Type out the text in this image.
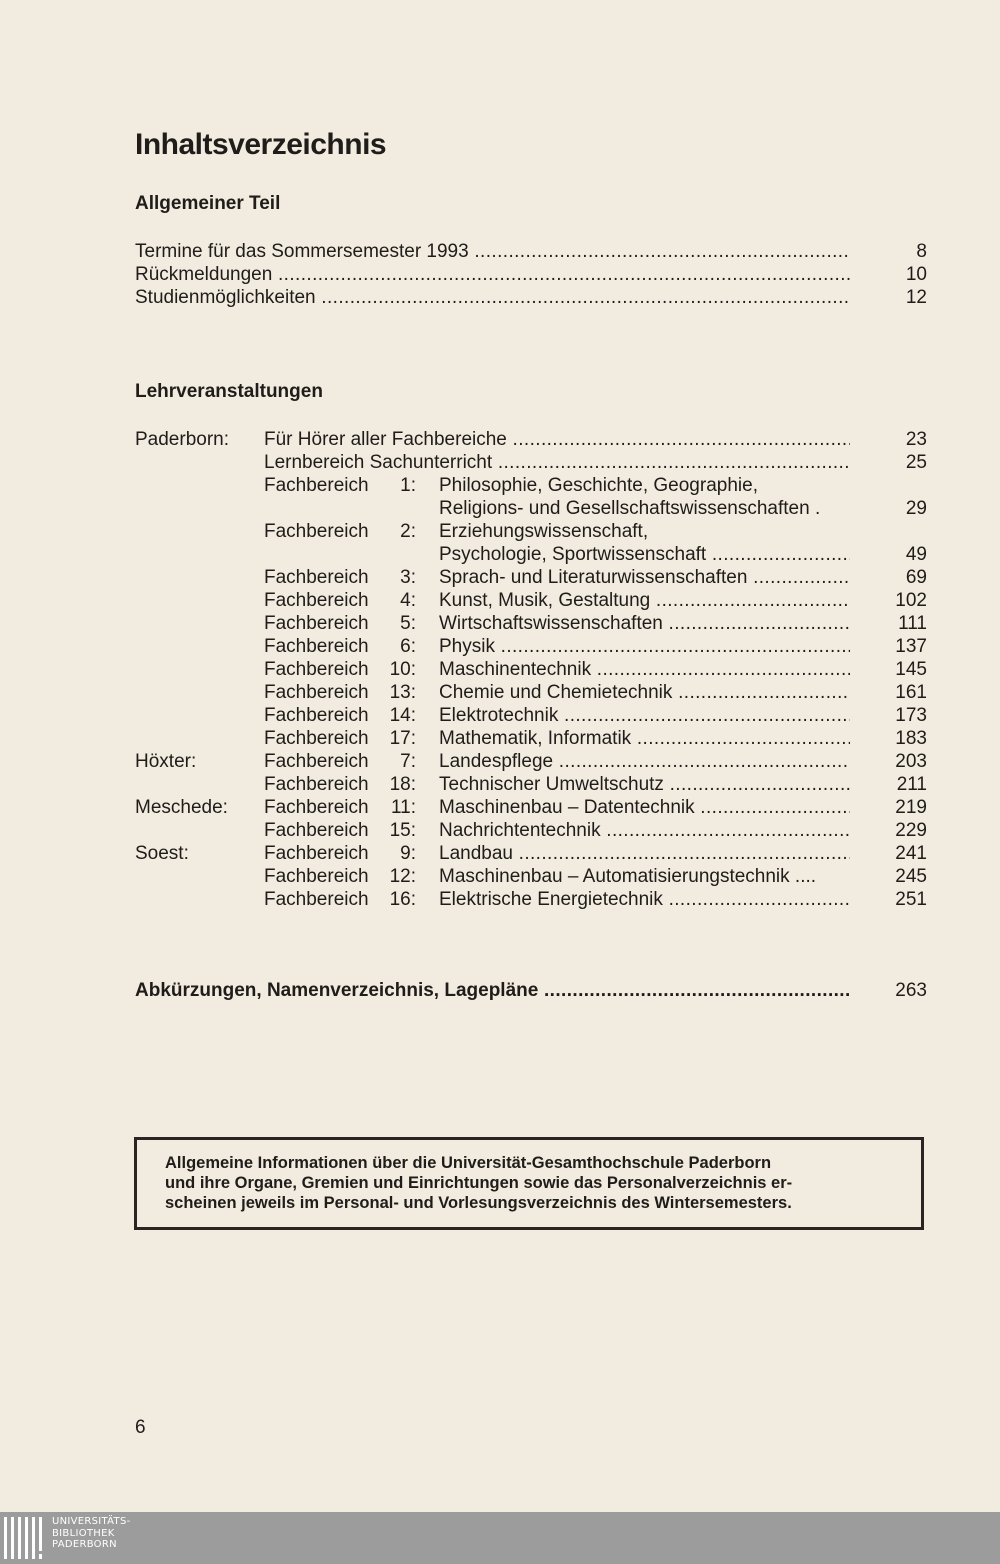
Inhaltsverzeichnis
Allgemeiner Teil
Termine für das Sommersemester 1993 .....	8
Rückmeldungen .....	10
Studienmöglichkeiten .....	12
Lehrveranstaltungen
Paderborn: Für Hörer aller Fachbereiche .....	23
Lernbereich Sachunterricht .....	25
Fachbereich	1: Philosophie, Geschichte, Geographie,
Religions- und Gesellschaftswissenschaften .	29
Fachbereich	2: Erziehungswissenschaft,
Psychologie, Sportwissenschaft .....	49
Fachbereich	3: Sprach- und Literaturwissenschaften .....	69
Fachbereich	4: Kunst, Musik, Gestaltung .....	102
Fachbereich	5: Wirtschaftswissenschaften .....	111
Fachbereich	6: Physik .....	137
Fachbereich	10: Maschinentechnik .....	145
Fachbereich	13: Chemie und Chemietechnik .....	161
Fachbereich	14: Elektrotechnik .....	173
Fachbereich	17: Mathematik, Informatik .....	183
Höxter:	Fachbereich	7: Landespflege .....	203
Fachbereich	18: Technischer Umweltschutz .....	211
Meschede: Fachbereich	11: Maschinenbau – Datentechnik .....	219
Fachbereich	15: Nachrichtentechnik .....	229
Soest:	Fachbereich	9: Landbau .....	241
Fachbereich	12: Maschinenbau – Automatisierungstechnik ....	245
Fachbereich	16: Elektrische Energietechnik .....	251
Abkürzungen, Namenverzeichnis, Lagepläne .....	263

Allgemeine Informationen über die Universität-Gesamthochschule Paderborn

und ihre Organe, Gremien und Einrichtungen sowie das Personalverzeichnis er-

scheinen jeweils im Personal- und Vorlesungsverzeichnis des Wintersemesters.

6
UNIVERSITÄTS-
BIBLIOTHEK
PADERBORN
